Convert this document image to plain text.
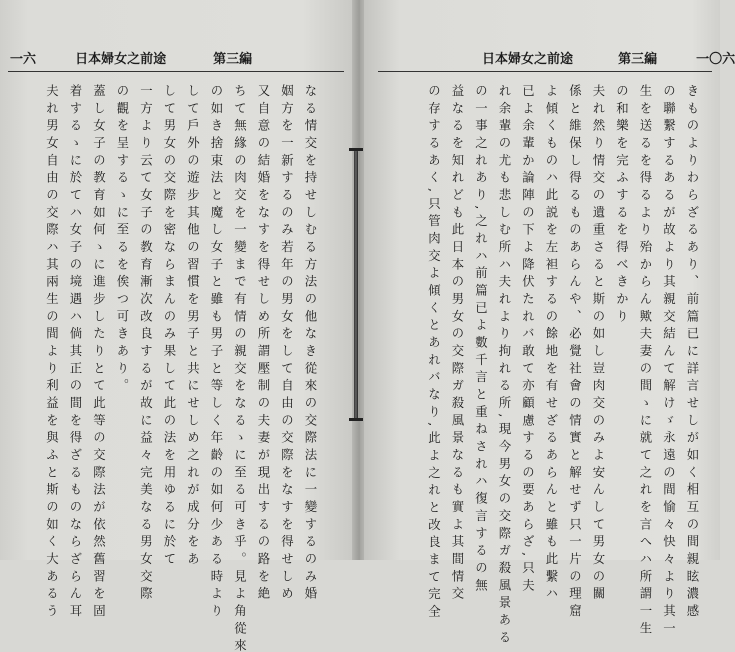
一六	日本婦女之前途	第三編
な る 情 交 を 持 せ し む る 方 法 の 他 な き 從 來 の 交 際 法 に 一 變 す る の み 婚
姻 方 を 一 新 す る の み 若 年 の 男 女 を し て 自 由 の 交 際 を な す を 得 せ し め
又 自 意 の 結 婚 を な す を 得 せ し め 所 謂 壓 制 の 夫 妻 が 現 出 す る の 路 を 絶
ち て 無 緣 の 肉 交 を 一 變 ま で 有 情 の 親 交 を な る ゝ に 至 る 可 き 乎 。 見 よ 角 從 來
の 如 き 捨 束 法 と 魔 し 女 子 と 雖 も 男 子 と 等 し く 年 齡 の 如 何 少 あ る 時 よ り
し て 戶 外 の 遊 步 其 他 の 習 慣 を 男 子 と 共 に せ し め 之 れ が 成 分 を あ
し て 男 女 の 交 際 を 密 な ら ま ん の み 果 し て 此 の 法 を 用 ゆ る に 於 て
一 方 よ り 云 て 女 子 の 教 育 漸 次 改 良 す る が 故 に 益 々 完 美 な る 男 女 交 際
の 觀 を 呈 す る ゝ に 至 る を 俟 つ 可 き あ り 。
蓋 し 女 子 の 教 育 如 何 ゝ に 進 步 し た り と て 此 等 の 交 際 法 が 依 然 舊 習 を 固
着 す る ゝ に 於 て ハ 女 子 の 境 遇 ハ 倘 其 正 の 間 を 得 ざ る も の な ら ざ ら ん 耳
夫 れ 男 女 自 由 の 交 際 ハ 其 兩 生 の 間 よ り 利 益 を 與 ふ と 斯 の 如 く 大 あ る う
日本婦女之前途	第三編	一〇六
き も の よ り わ ら ざ る あ り 、 前 篇 已 に 詳 言 せ し が 如 く 相 互 の 間 親 眩 濃 感
の 聯 繋 す る あ る が 故 よ り 其 親 交 結 ん て 解 け ゞ 永 遠 の 間 愉 々 快 々 よ り 其 一
生 を 送 る を 得 る よ り 殆 か ら ん 歟 夫 妻 の 間 ゝ に 就 て 之 れ を 言 へ ハ 所 謂 一 生
の 和 樂 を 完 ふ す る を 得 べ き か り
夫 れ 然 り 情 交 の 遺 重 さ る と 斯 の 如 し 豈 肉 交 の み よ 安 ん し て 男 女 の 關
係 と 維 保 し 得 る も の あ ら ん や 、 必 覺 社 會 の 情 實 と 解 せ ず 只 一 片 の 理 窟
よ 傾 く も の ハ 此 説 を 左 袒 す る の 餘 地 を 有 せ ざ る あ ら ん と 雖 も 此 繫 ハ
已 よ 余 輩 か 論 陣 の 下 よ 降 伏 た れ バ 敢 て 亦 顧 慮 す る の 要 あ ら ざ , 只 夫
れ 余 輩 の 尤 も 悲 し む 所 ハ 夫 れ よ り 拘 れ る 所 , 現 今 男 女 の 交 際 ガ 殺 風 景 あ る
の 一 事 之 れ あ り , 之 れ ハ 前 篇 已 よ 數 千 言 と 重 ね さ れ ハ 復 言 す る の 無
益 な る を 知 れ ど も 此 日 本 の 男 女 の 交 際 ガ 殺 風 景 な る も 實 よ 其 間 情 交
の 存 す る あ く , 只 管 肉 交 よ 傾 く と あ れ バ な り , 此 よ 之 れ と 改 良 ま て 完 全
